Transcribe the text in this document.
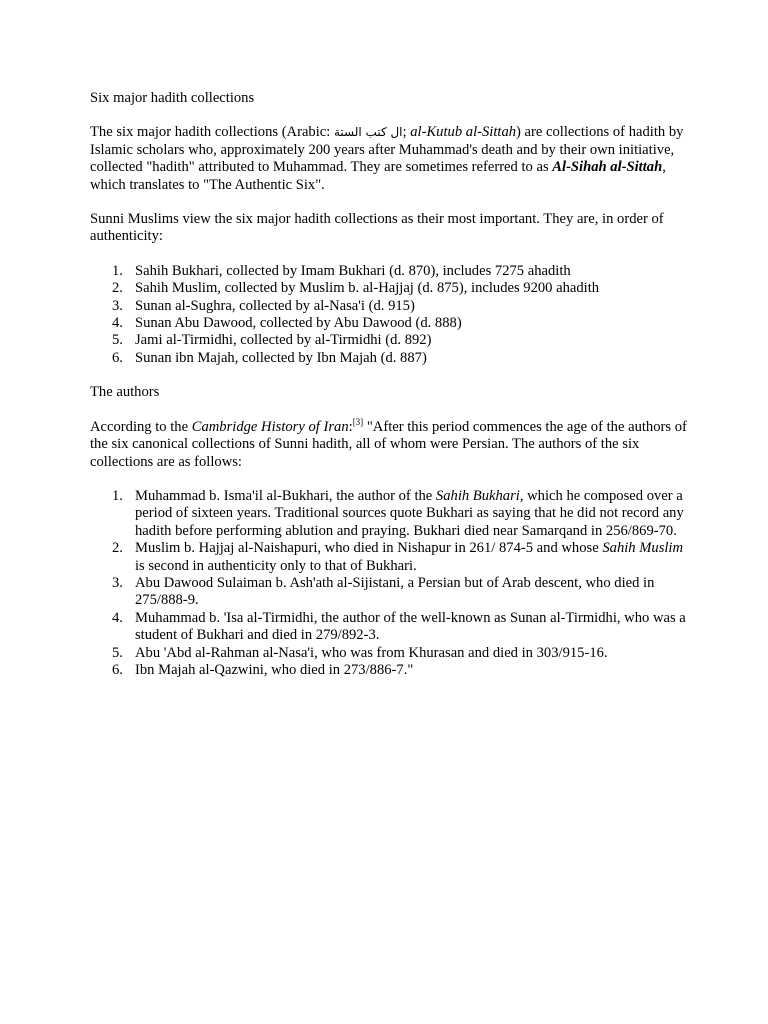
Six major hadith collections

The six major hadith collections (Arabic: ال كتب الستة; al-Kutub al-Sittah) are collections of hadith by Islamic scholars who, approximately 200 years after Muhammad's death and by their own initiative, collected "hadith" attributed to Muhammad. They are sometimes referred to as Al-Sihah al-Sittah, which translates to "The Authentic Six".

Sunni Muslims view the six major hadith collections as their most important. They are, in order of authenticity:

1. Sahih Bukhari, collected by Imam Bukhari (d. 870), includes 7275 ahadith
2. Sahih Muslim, collected by Muslim b. al-Hajjaj (d. 875), includes 9200 ahadith
3. Sunan al-Sughra, collected by al-Nasa'i (d. 915)
4. Sunan Abu Dawood, collected by Abu Dawood (d. 888)
5. Jami al-Tirmidhi, collected by al-Tirmidhi (d. 892)
6. Sunan ibn Majah, collected by Ibn Majah (d. 887)

The authors

According to the Cambridge History of Iran:[3] "After this period commences the age of the authors of the six canonical collections of Sunni hadith, all of whom were Persian. The authors of the six collections are as follows:

1. Muhammad b. Isma'il al-Bukhari, the author of the Sahih Bukhari, which he composed over a period of sixteen years. Traditional sources quote Bukhari as saying that he did not record any hadith before performing ablution and praying. Bukhari died near Samarqand in 256/869-70.
2. Muslim b. Hajjaj al-Naishapuri, who died in Nishapur in 261/ 874-5 and whose Sahih Muslim is second in authenticity only to that of Bukhari.
3. Abu Dawood Sulaiman b. Ash'ath al-Sijistani, a Persian but of Arab descent, who died in 275/888-9.
4. Muhammad b. 'Isa al-Tirmidhi, the author of the well-known as Sunan al-Tirmidhi, who was a student of Bukhari and died in 279/892-3.
5. Abu 'Abd al-Rahman al-Nasa'i, who was from Khurasan and died in 303/915-16.
6. Ibn Majah al-Qazwini, who died in 273/886-7."
